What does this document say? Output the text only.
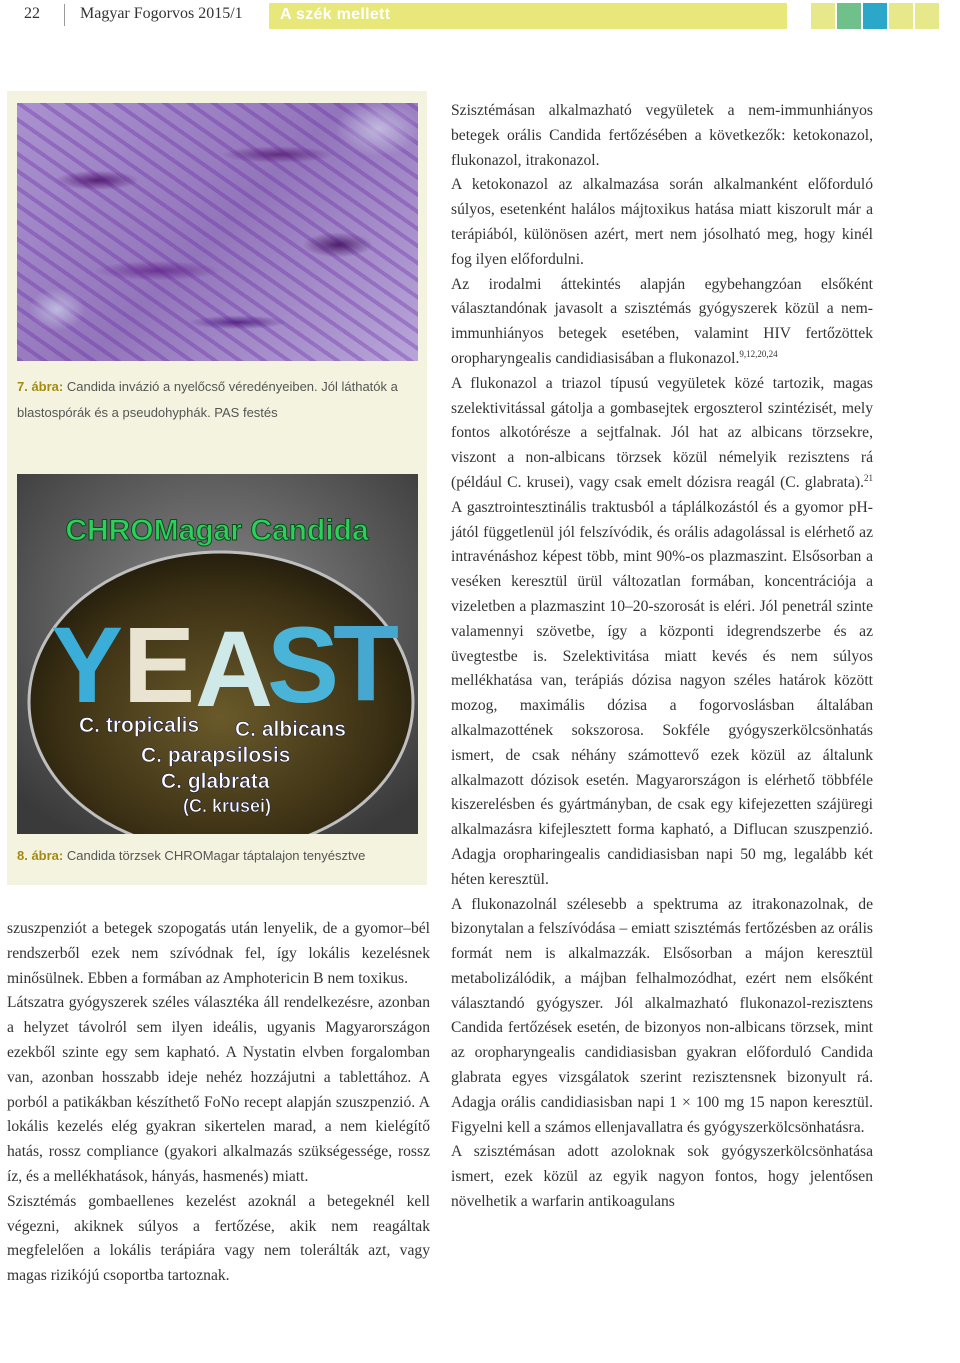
22	Magyar Fogorvos 2015/1 A szék mellett
7. ábra: Candida invázió a nyelőcső véredényeiben. Jól láthatók a blastospórák és a pseudohyphák. PAS festés
CHROMagar Candida
Y E A
S
T
C. tropicalis C. albicans
C. parapsilosis
C. glabrata
(C. krusei)
8. ábra: Candida törzsek CHROMagar táptalajon tenyésztve

szuszpenziót a betegek szopogatás után lenyelik, de a gyomor–bél rendszerből ezek nem szívódnak fel, így lokális kezelésnek minősülnek. Ebben a formában az Amphotericin B nem toxikus.

Látszatra gyógyszerek széles választéka áll rendelkezésre, azonban a helyzet távolról sem ilyen ideális, ugyanis Magyarországon ezekből szinte egy sem kapható. A Nystatin elvben forgalomban van, azonban hosszabb ideje nehéz hozzájutni a tablettához. A porból a patikákban készíthető FoNo recept alapján szuszpenzió. A lokális kezelés elég gyakran sikertelen marad, a nem kielégítő hatás, rossz compliance (gyakori alkalmazás szükségessége, rossz íz, és a mellékhatások, hányás, hasmenés) miatt.

Szisztémás gombaellenes kezelést azoknál a betegeknél kell végezni, akiknek súlyos a fertőzése, akik nem reagáltak megfelelően a lokális terápiára vagy nem tolerálták azt, vagy magas rizikójú csoportba tartoznak.

Szisztémásan alkalmazható vegyületek a nem-immunhiányos betegek orális Candida fertőzésében a következők: ketokonazol, flukonazol, itrakonazol.

A ketokonazol az alkalmazása során alkalmanként előforduló súlyos, esetenként halálos májtoxikus hatása miatt kiszorult már a terápiából, különösen azért, mert nem jósolható meg, hogy kinél fog ilyen előfordulni.

Az irodalmi áttekintés alapján egybehangzóan elsőként választandónak javasolt a szisztémás gyógyszerek közül a nem-immunhiányos betegek esetében, valamint HIV fertőzöttek oropharyngealis candidiasisában a flukonazol.$^{9,12,20,24}$

A flukonazol a triazol típusú vegyületek közé tartozik, magas szelektivitással gátolja a gombasejtek ergoszterol szintézisét, mely fontos alkotórésze a sejtfalnak. Jól hat az albicans törzsekre, viszont a non-albicans törzsek közül némelyik rezisztens rá (például C. krusei), vagy csak emelt dózisra reagál (C. glabrata).$^{21}$ A gasztrointesztinális traktusból a táplálkozástól és a gyomor pH-jától függetlenül jól felszívódik, és orális adagolással is elérhető az intravénáshoz képest több, mint 90%-os plazmaszint. Elsősorban a veséken keresztül ürül változatlan formában, koncentrációja a vizeletben a plazmaszint 10–20-szorosát is eléri. Jól penetrál szinte valamennyi szövetbe, így a központi idegrendszerbe és az üvegtestbe is. Szelektivitása miatt kevés és nem súlyos mellékhatása van, terápiás dózisa nagyon széles határok között mozog, maximális dózisa a fogorvoslásban általában alkalmazottének sokszorosa. Sokféle gyógyszerkölcsönhatás ismert, de csak néhány számottevő ezek közül az általunk alkalmazott dózisok esetén. Magyarországon is elérhető többféle kiszerelésben és gyártmányban, de csak egy kifejezetten szájüregi alkalmazásra kifejlesztett forma kapható, a Diflucan szuszpenzió. Adagja oropharingealis candidiasisban napi 50 mg, legalább két héten keresztül.

A flukonazolnál szélesebb a spektruma az itrakonazolnak, de bizonytalan a felszívódása – emiatt szisztémás fertőzésben az orális formát nem is alkalmazzák. Elsősorban a májon keresztül metabolizálódik, a májban felhalmozódhat, ezért nem elsőként választandó gyógyszer. Jól alkalmazható flukonazol-rezisztens Candida fertőzések esetén, de bizonyos non-albicans törzsek, mint az oropharyngealis candidiasisban gyakran előforduló Candida glabrata egyes vizsgálatok szerint rezisztensnek bizonyult rá. Adagja orális candidiasisban napi 1 × 100 mg 15 napon keresztül. Figyelni kell a számos ellenjavallatra és gyógyszerkölcsönhatásra.

A szisztémásan adott azoloknak sok gyógyszerkölcsönhatása ismert, ezek közül az egyik nagyon fontos, hogy jelentősen növelhetik a warfarin antikoagulans
